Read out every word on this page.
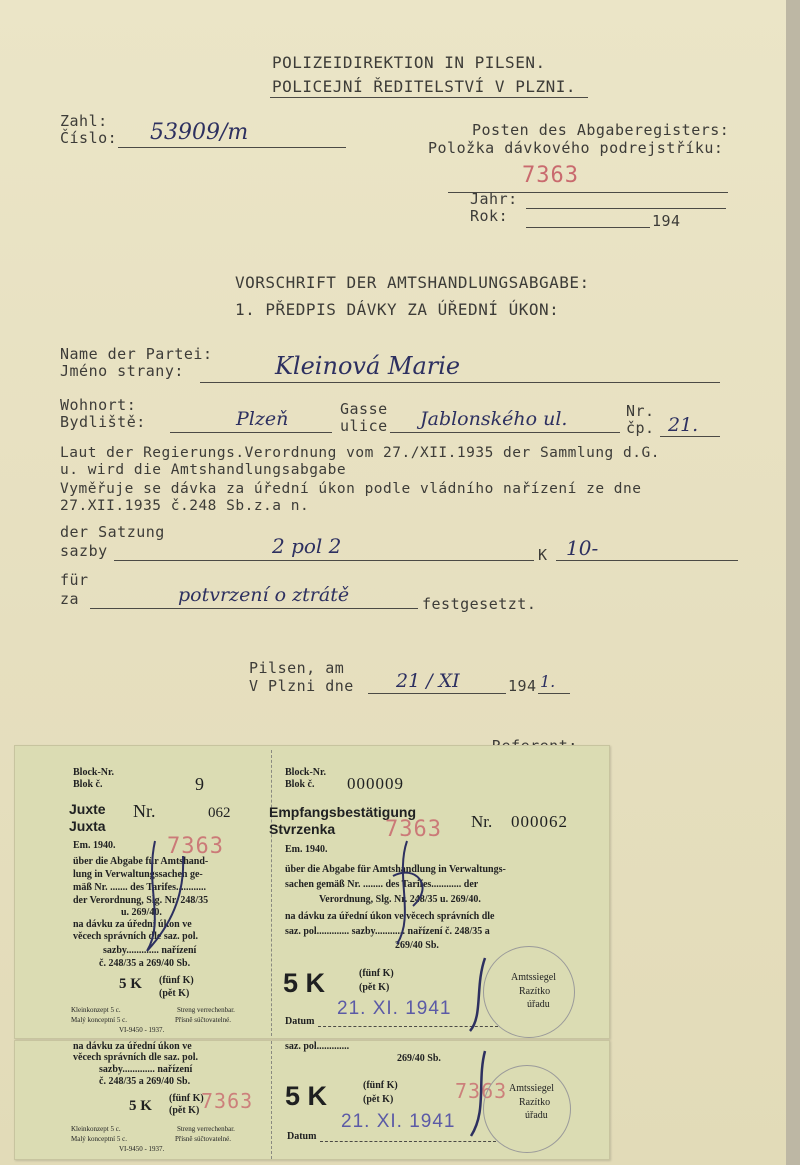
POLIZEIDIREKTION IN PILSEN.
POLICEJNÍ ŘEDITELSTVÍ V PLZNI.
Zahl:
Číslo: 53909/m	Posten des Abgaberegisters:
Položka dávkového podrejstříku:
7363
Jahr:
Rok:	194
VORSCHRIFT DER AMTSHANDLUNGSABGABE:
1. PŘEDPIS DÁVKY ZA ÚŘEDNÍ ÚKON:
Name der Partei:
Jméno strany:	Kleinová Marie
Wohnort:
Bydliště:	Plzeň	Gasse
ulice Jablonského ul.	Nr.
čp. 21.
Laut der Regierungs.Verordnung vom 27./XII.1935 der Sammlung d.G.
u. wird die Amtshandlungsabgabe
Vyměřuje se dávka za úřední úkon podle vládního nařízení ze dne
27.XII.1935 č.248 Sb.z.a n.
der Satzung
sazby	2 pol 2	K 10-
für
za	potvrzení o ztrátě	festgesetzt.
Pilsen, am
V Plzni dne 21 / XI	194 1.
Block-Nr.
Blok č.	9
Juxte
Juxta
Nr.	062
7363
Em. 1940.
über die Abgabe für Amtshand-
lung in Verwaltungssachen ge-
mäß Nr. ....... des Tarifes............
der Verordnung, Slg. Nr. 248/35
u. 269/40.
na dávku za úřední úkon ve
věcech správních dle saz. pol.
sazby............. nařízení
č. 248/35 a 269/40 Sb.
5 K (fünf K)
(pět K)
Kleinkonzept 5 c.	Streng verrechenbar.
Malý konceptní 5 c.	Přísně súčtovatelné.
VI-9450 - 1937.
Block-Nr.
Blok č. 000009
Empfangsbestätigung
Stvrzenka 7363 Nr. 000062
Em. 1940.
über die Abgabe für Amtshandlung in Verwaltungs-
sachen gemäß Nr. ........ des Tarifes............ der
Verordnung, Slg. Nr. 248/35 u. 269/40.
na dávku za úřední úkon ve věcech správních dle
saz. pol............. sazby............ nařízení č. 248/35 a
269/40 Sb.
5 K	(fünf K)
(pět K)
Datum
21. XI. 1941
Amtssiegel
Razítko
úřadu
na dávku za úřední úkon ve
věcech správních dle saz. pol.
sazby............. nařízení
č. 248/35 a 269/40 Sb.
5 K (fünf K)
(pět K) 7363
Kleinkonzept 5 c.	Streng verrechenbar.
Malý konceptní 5 c.	Přísně súčtovatelné.
VI-9450 - 1937.
saz. pol.............
269/40 Sb.
5 K	(fünf K)
(pět K)	7363
Datum
21. XI. 1941
Amtssiegel
Razítko
úřadu
